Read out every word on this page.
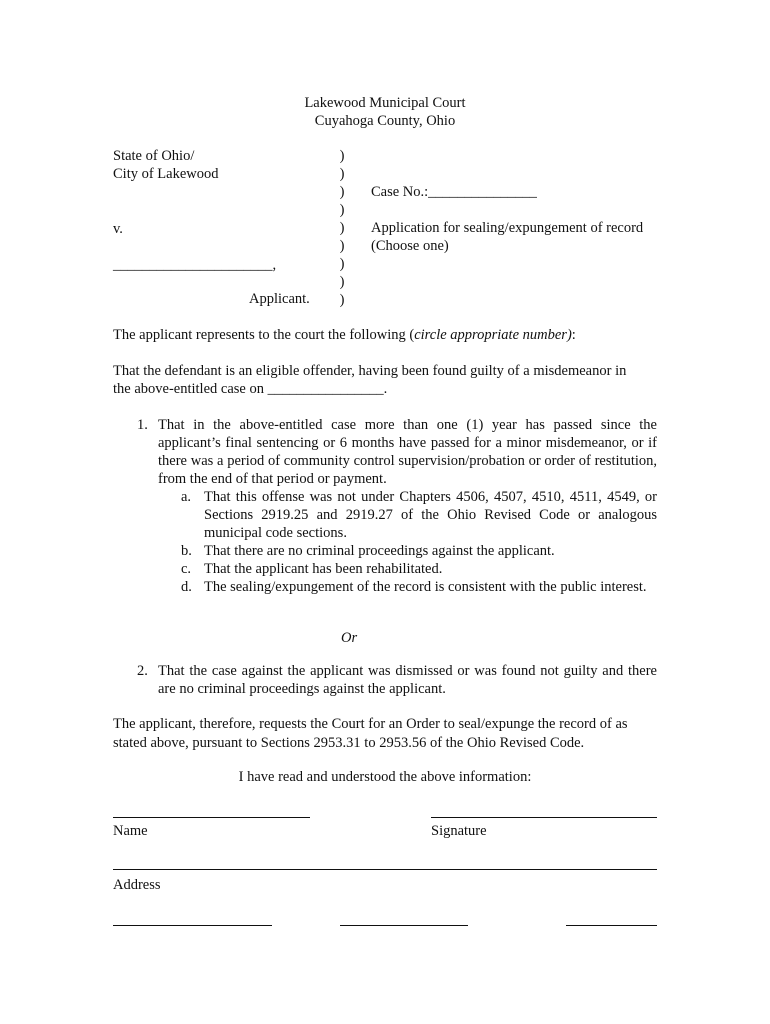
Lakewood Municipal Court
Cuyahoga County, Ohio
State of Ohio/
City of Lakewood
v.
______________________,
Applicant.
)
)
)
)
)
)
)
)
)
Case No.:_______________
Application for sealing/expungement of record
(Choose one)
The applicant represents to the court the following (circle appropriate number):
That the defendant is an eligible offender, having been found guilty of a misdemeanor in
the above-entitled case on ________________.
1. That in the above-entitled case more than one (1) year has passed since the applicant’s final sentencing or 6 months have passed for a minor misdemeanor, or if there was a period of community control supervision/probation or order of restitution, from the end of that period or payment.
a. That this offense was not under Chapters 4506, 4507, 4510, 4511, 4549, or Sections 2919.25 and 2919.27 of the Ohio Revised Code or analogous municipal code sections.
b. That there are no criminal proceedings against the applicant.
c. That the applicant has been rehabilitated.
d. The sealing/expungement of the record is consistent with the public interest.
Or
2. That the case against the applicant was dismissed or was found not guilty and there are no criminal proceedings against the applicant.
The applicant, therefore, requests the Court for an Order to seal/expunge the record of as
stated above, pursuant to Sections 2953.31 to 2953.56 of the Ohio Revised Code.
I have read and understood the above information:
Name	Signature
Address
